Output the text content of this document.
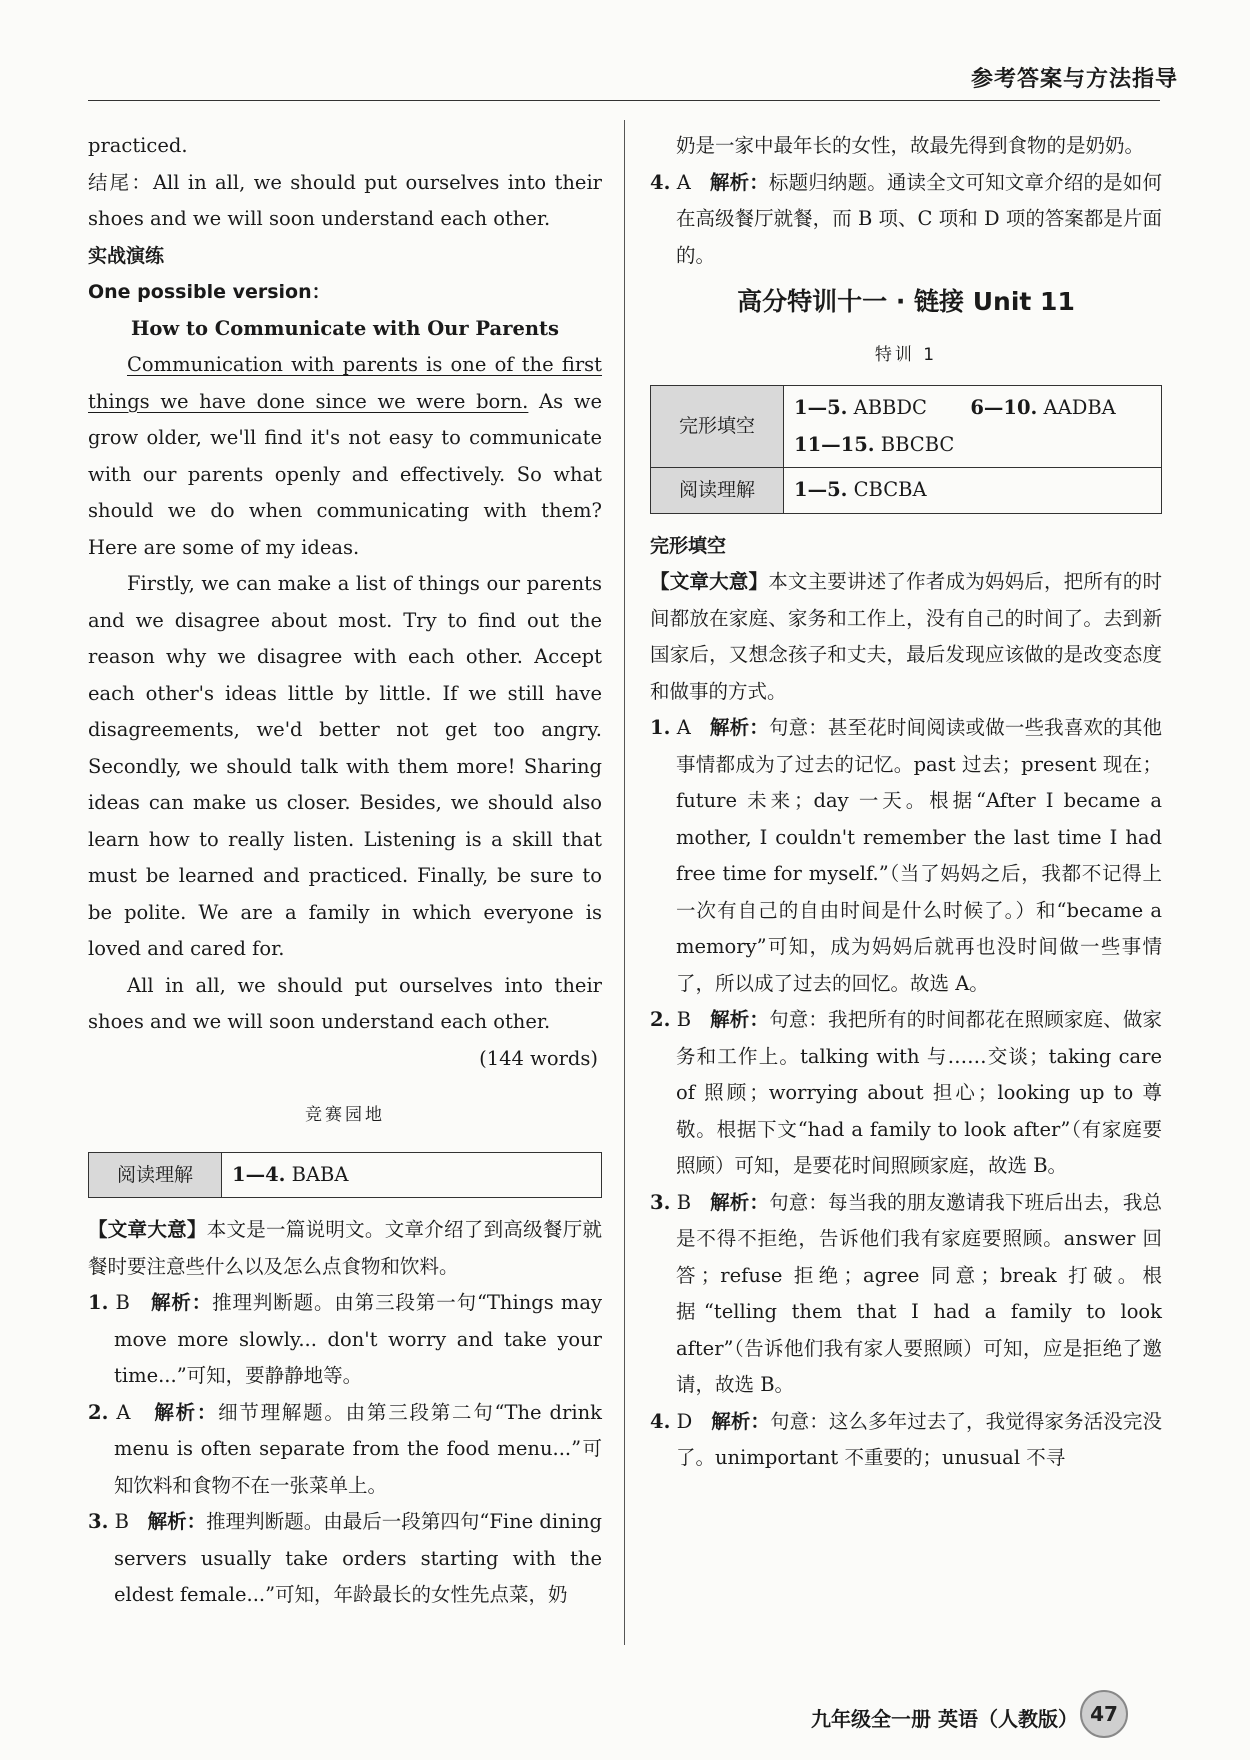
参考答案与方法指导

practiced.

结尾：All in all, we should put ourselves into their shoes and we will soon understand each other.

实战演练

One possible version：

How to Communicate with Our Parents

Communication with parents is one of the first things we have done since we were born. As we grow older, we'll find it's not easy to communicate with our parents openly and effectively. So what should we do when communicating with them? Here are some of my ideas.

Firstly, we can make a list of things our parents and we disagree about most. Try to find out the reason why we disagree with each other. Accept each other's ideas little by little. If we still have disagreements, we'd better not get too angry. Secondly, we should talk with them more! Sharing ideas can make us closer. Besides, we should also learn how to really listen. Listening is a skill that must be learned and practiced. Finally, be sure to be polite. We are a family in which everyone is loved and cared for.

All in all, we should put ourselves into their shoes and we will soon understand each other.

(144 words)

竞赛园地

阅读理解	1—4. BABA

【文章大意】本文是一篇说明文。文章介绍了到高级餐厅就餐时要注意些什么以及怎么点食物和饮料。

1. B 解析：推理判断题。由第三段第一句“Things may move more slowly... don't worry and take your time...”可知，要静静地等。

2. A 解析：细节理解题。由第三段第二句“The drink menu is often separate from the food menu...”可知饮料和食物不在一张菜单上。

3. B 解析：推理判断题。由最后一段第四句“Fine dining servers usually take orders starting with the eldest female...”可知，年龄最长的女性先点菜，奶

奶是一家中最年长的女性，故最先得到食物的是奶奶。

4. A 解析：标题归纳题。通读全文可知文章介绍的是如何在高级餐厅就餐，而 B 项、C 项和 D 项的答案都是片面的。

高分特训十一 · 链接 Unit 11

特训 1

完形填空	1—5. ABBDC 6—10. AADBA
11—15. BBCBC
阅读理解	1—5. CBCBA

完形填空

【文章大意】本文主要讲述了作者成为妈妈后，把所有的时间都放在家庭、家务和工作上，没有自己的时间了。去到新国家后，又想念孩子和丈夫，最后发现应该做的是改变态度和做事的方式。

1. A 解析：句意：甚至花时间阅读或做一些我喜欢的其他事情都成为了过去的记忆。past 过去；present 现在；future 未来；day 一天。根据“After I became a mother, I couldn't remember the last time I had free time for myself.”（当了妈妈之后，我都不记得上一次有自己的自由时间是什么时候了。）和“became a memory”可知，成为妈妈后就再也没时间做一些事情了，所以成了过去的回忆。故选 A。

2. B 解析：句意：我把所有的时间都花在照顾家庭、做家务和工作上。talking with 与……交谈；taking care of 照顾；worrying about 担心；looking up to 尊敬。根据下文“had a family to look after”（有家庭要照顾）可知，是要花时间照顾家庭，故选 B。

3. B 解析：句意：每当我的朋友邀请我下班后出去，我总是不得不拒绝，告诉他们我有家庭要照顾。answer 回答；refuse 拒绝；agree 同意；break 打破。根据“telling them that I had a family to look after”（告诉他们我有家人要照顾）可知，应是拒绝了邀请，故选 B。

4. D 解析：句意：这么多年过去了，我觉得家务活没完没了。unimportant 不重要的；unusual 不寻

九年级全一册 英语（人教版） 47
